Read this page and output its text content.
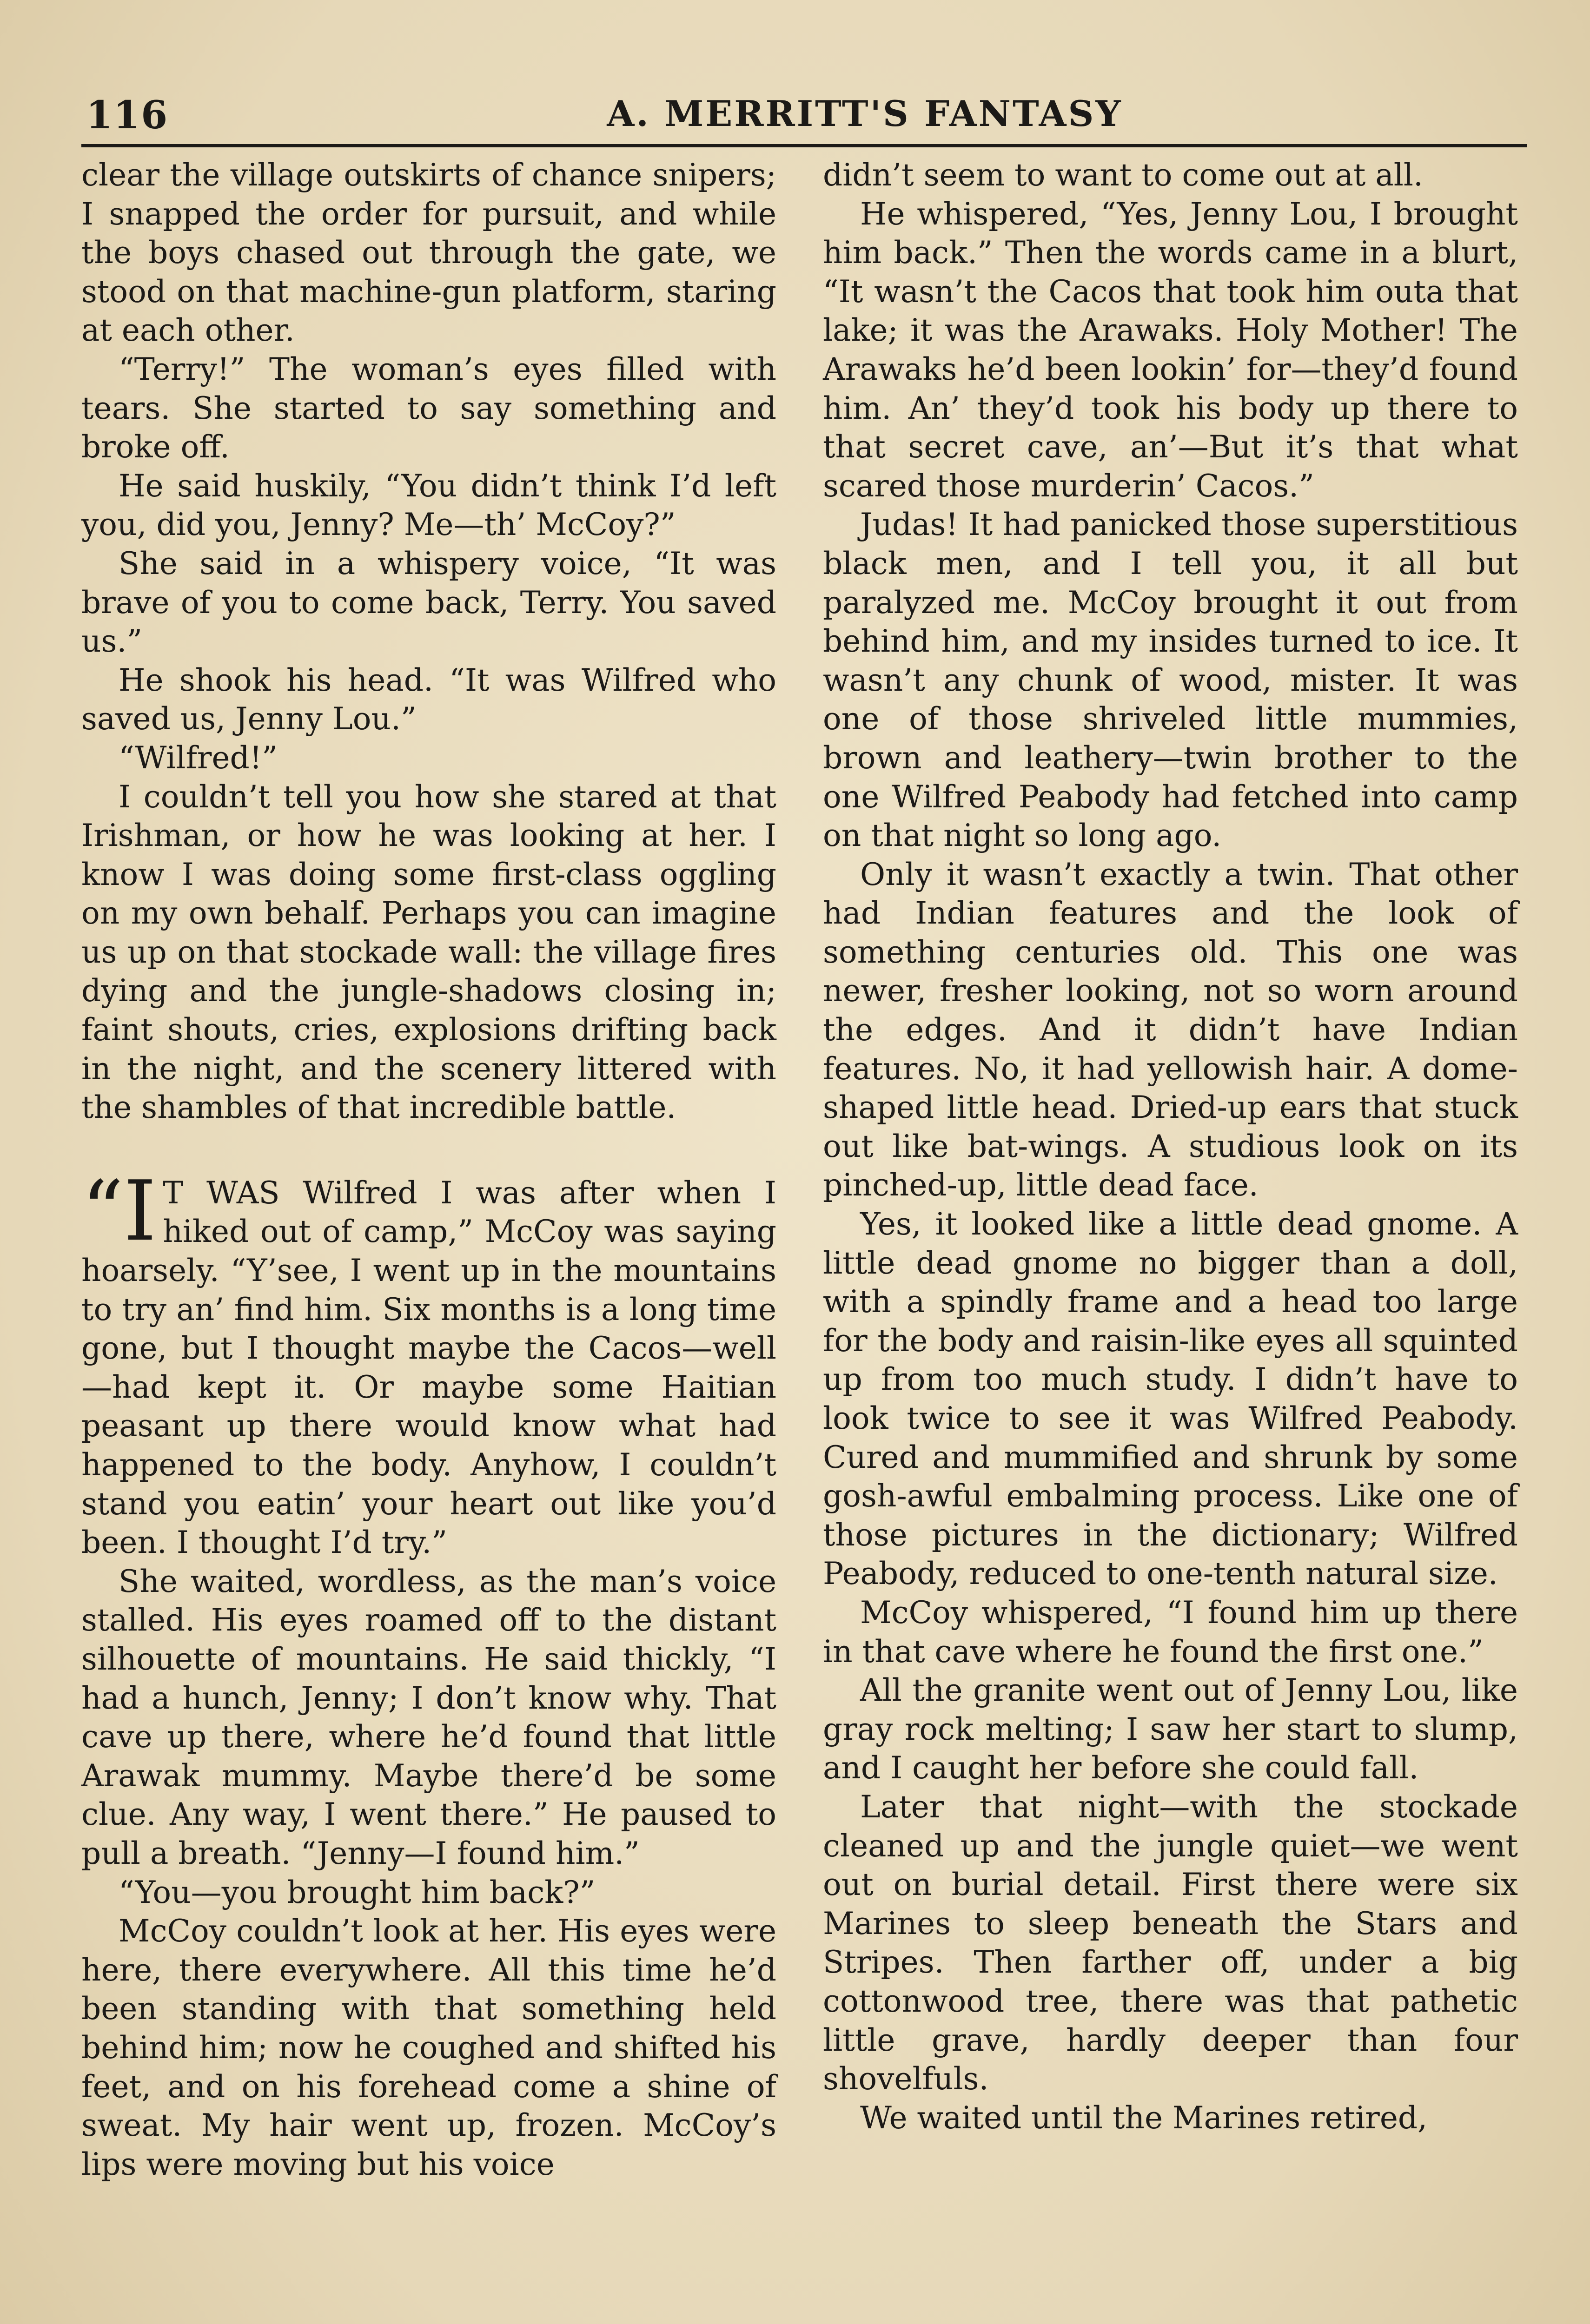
116	A. MERRITT'S FANTASY

clear the village outskirts of chance snipers; I snapped the order for pursuit, and while the boys chased out through the gate, we stood on that machine-gun platform, staring at each other.

“Terry!” The woman’s eyes filled with tears. She started to say something and broke off.

He said huskily, “You didn’t think I’d left you, did you, Jenny? Me—th’ McCoy?”

She said in a whispery voice, “It was brave of you to come back, Terry. You saved us.”

He shook his head. “It was Wilfred who saved us, Jenny Lou.”

“Wilfred!”

I couldn’t tell you how she stared at that Irishman, or how he was looking at her. I know I was doing some first-class oggling on my own behalf. Perhaps you can imagine us up on that stockade wall: the village fires dying and the jungle-shadows closing in; faint shouts, cries, explosions drifting back in the night, and the scenery littered with the shambles of that incredible battle.

“I T WAS Wilfred I was after when I hiked out of camp,” McCoy was saying hoarsely. “Y’see, I went up in the mountains to try an’ find him. Six months is a long time gone, but I thought maybe the Cacos—well—had kept it. Or maybe some Haitian peasant up there would know what had happened to the body. Anyhow, I couldn’t stand you eatin’ your heart out like you’d been. I thought I’d try.”

She waited, wordless, as the man’s voice stalled. His eyes roamed off to the distant silhouette of mountains. He said thickly, “I had a hunch, Jenny; I don’t know why. That cave up there, where he’d found that little Arawak mummy. Maybe there’d be some clue. Any way, I went there.” He paused to pull a breath. “Jenny—I found him.”

“You—you brought him back?”

McCoy couldn’t look at her. His eyes were here, there everywhere. All this time he’d been standing with that something held behind him; now he coughed and shifted his feet, and on his forehead come a shine of sweat. My hair went up, frozen. McCoy’s lips were moving but his voice

didn’t seem to want to come out at all.

He whispered, “Yes, Jenny Lou, I brought him back.” Then the words came in a blurt, “It wasn’t the Cacos that took him outa that lake; it was the Arawaks. Holy Mother! The Arawaks he’d been lookin’ for—they’d found him. An’ they’d took his body up there to that secret cave, an’—But it’s that what scared those murderin’ Cacos.”

Judas! It had panicked those superstitious black men, and I tell you, it all but paralyzed me. McCoy brought it out from behind him, and my insides turned to ice. It wasn’t any chunk of wood, mister. It was one of those shriveled little mummies, brown and leathery—twin brother to the one Wilfred Peabody had fetched into camp on that night so long ago.

Only it wasn’t exactly a twin. That other had Indian features and the look of something centuries old. This one was newer, fresher looking, not so worn around the edges. And it didn’t have Indian features. No, it had yellowish hair. A dome-shaped little head. Dried-up ears that stuck out like bat-wings. A studious look on its pinched-up, little dead face.

Yes, it looked like a little dead gnome. A little dead gnome no bigger than a doll, with a spindly frame and a head too large for the body and raisin-like eyes all squinted up from too much study. I didn’t have to look twice to see it was Wilfred Peabody. Cured and mummified and shrunk by some gosh-awful embalming process. Like one of those pictures in the dictionary; Wilfred Peabody, reduced to one-tenth natural size.

McCoy whispered, “I found him up there in that cave where he found the first one.”

All the granite went out of Jenny Lou, like gray rock melting; I saw her start to slump, and I caught her before she could fall.

Later that night—with the stockade cleaned up and the jungle quiet—we went out on burial detail. First there were six Marines to sleep beneath the Stars and Stripes. Then farther off, under a big cottonwood tree, there was that pathetic little grave, hardly deeper than four shovelfuls.

We waited until the Marines retired,
